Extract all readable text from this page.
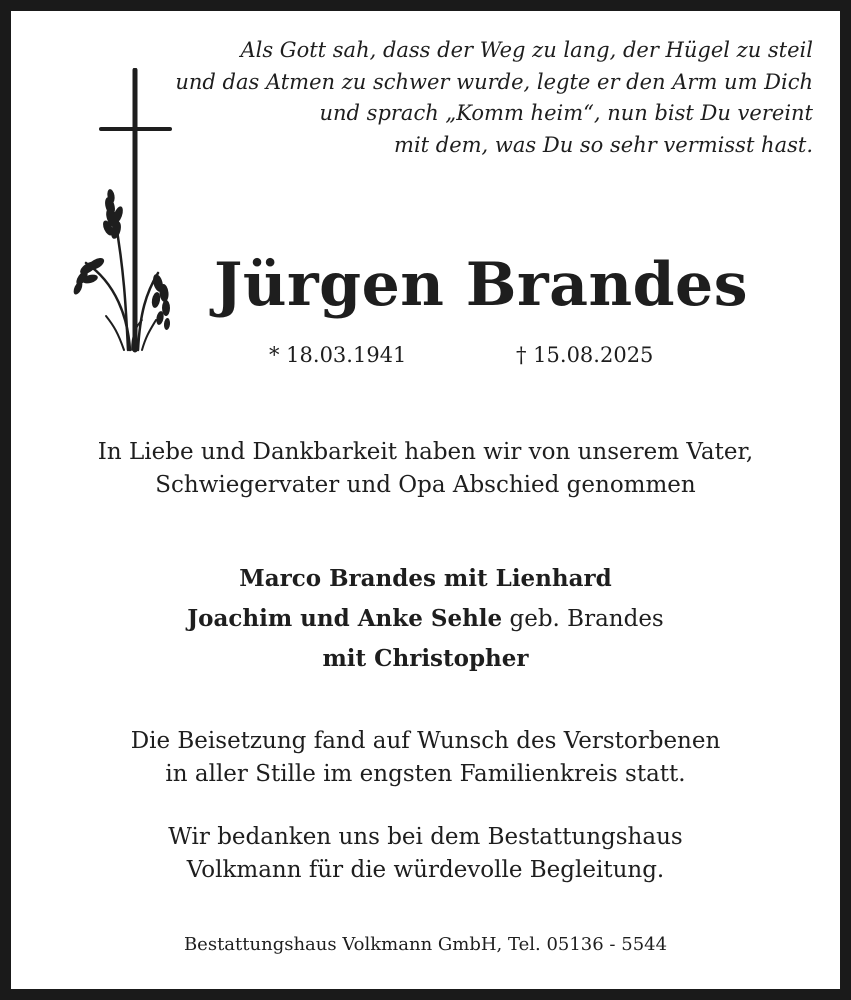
Als Gott sah, dass der Weg zu lang, der Hügel zu steil
und das Atmen zu schwer wurde, legte er den Arm um Dich
und sprach „Komm heim“, nun bist Du vereint
mit dem, was Du so sehr vermisst hast.
Jürgen Brandes
* 18.03.1941	† 15.08.2025
In Liebe und Dankbarkeit haben wir von unserem Vater,
Schwiegervater und Opa Abschied genommen
Marco Brandes mit Lienhard
Joachim und Anke Sehle geb. Brandes
mit Christopher
Die Beisetzung fand auf Wunsch des Verstorbenen
in aller Stille im engsten Familienkreis statt.
Wir bedanken uns bei dem Bestattungshaus
Volkmann für die würdevolle Begleitung.
Bestattungshaus Volkmann GmbH, Tel. 05136 - 5544
